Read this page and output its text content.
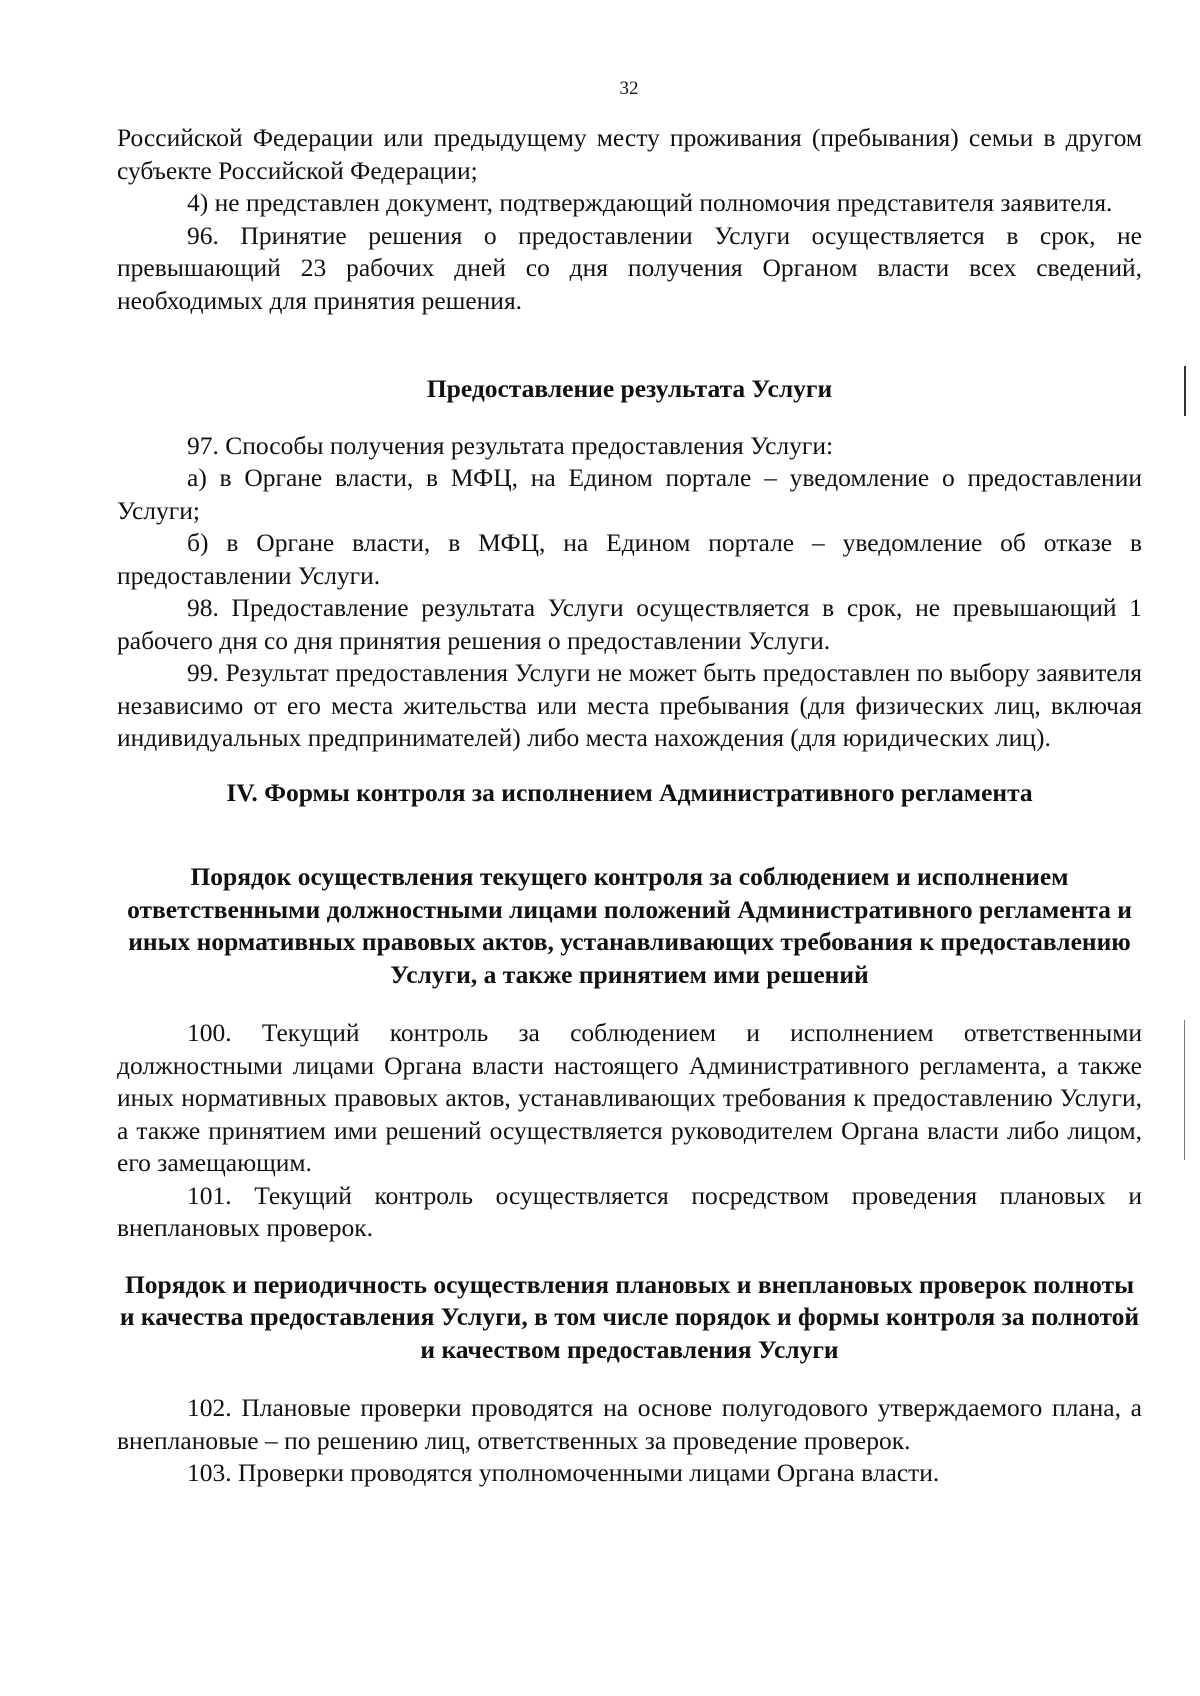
32

Российской Федерации или предыдущему месту проживания (пребывания) семьи в другом субъекте Российской Федерации;

4) не представлен документ, подтверждающий полномочия представителя заявителя.

96. Принятие решения о предоставлении Услуги осуществляется в срок, не превышающий 23 рабочих дней со дня получения Органом власти всех сведений, необходимых для принятия решения.

Предоставление результата Услуги

97. Способы получения результата предоставления Услуги:

а) в Органе власти, в МФЦ, на Едином портале – уведомление о предоставлении Услуги;

б) в Органе власти, в МФЦ, на Едином портале – уведомление об отказе в предоставлении Услуги.

98. Предоставление результата Услуги осуществляется в срок, не превышающий 1 рабочего дня со дня принятия решения о предоставлении Услуги.

99. Результат предоставления Услуги не может быть предоставлен по выбору заявителя независимо от его места жительства или места пребывания (для физических лиц, включая индивидуальных предпринимателей) либо места нахождения (для юридических лиц).

IV. Формы контроля за исполнением Административного регламента
Порядок осуществления текущего контроля за соблюдением и исполнением ответственными должностными лицами положений Административного регламента и иных нормативных правовых актов, устанавливающих требования к предоставлению Услуги, а также принятием ими решений

100. Текущий контроль за соблюдением и исполнением ответственными должностными лицами Органа власти настоящего Административного регламента, а также иных нормативных правовых актов, устанавливающих требования к предоставлению Услуги, а также принятием ими решений осуществляется руководителем Органа власти либо лицом, его замещающим.

101. Текущий контроль осуществляется посредством проведения плановых и внеплановых проверок.

Порядок и периодичность осуществления плановых и внеплановых проверок полноты и качества предоставления Услуги, в том числе порядок и формы контроля за полнотой и качеством предоставления Услуги

102. Плановые проверки проводятся на основе полугодового утверждаемого плана, а внеплановые – по решению лиц, ответственных за проведение проверок.

103. Проверки проводятся уполномоченными лицами Органа власти.
